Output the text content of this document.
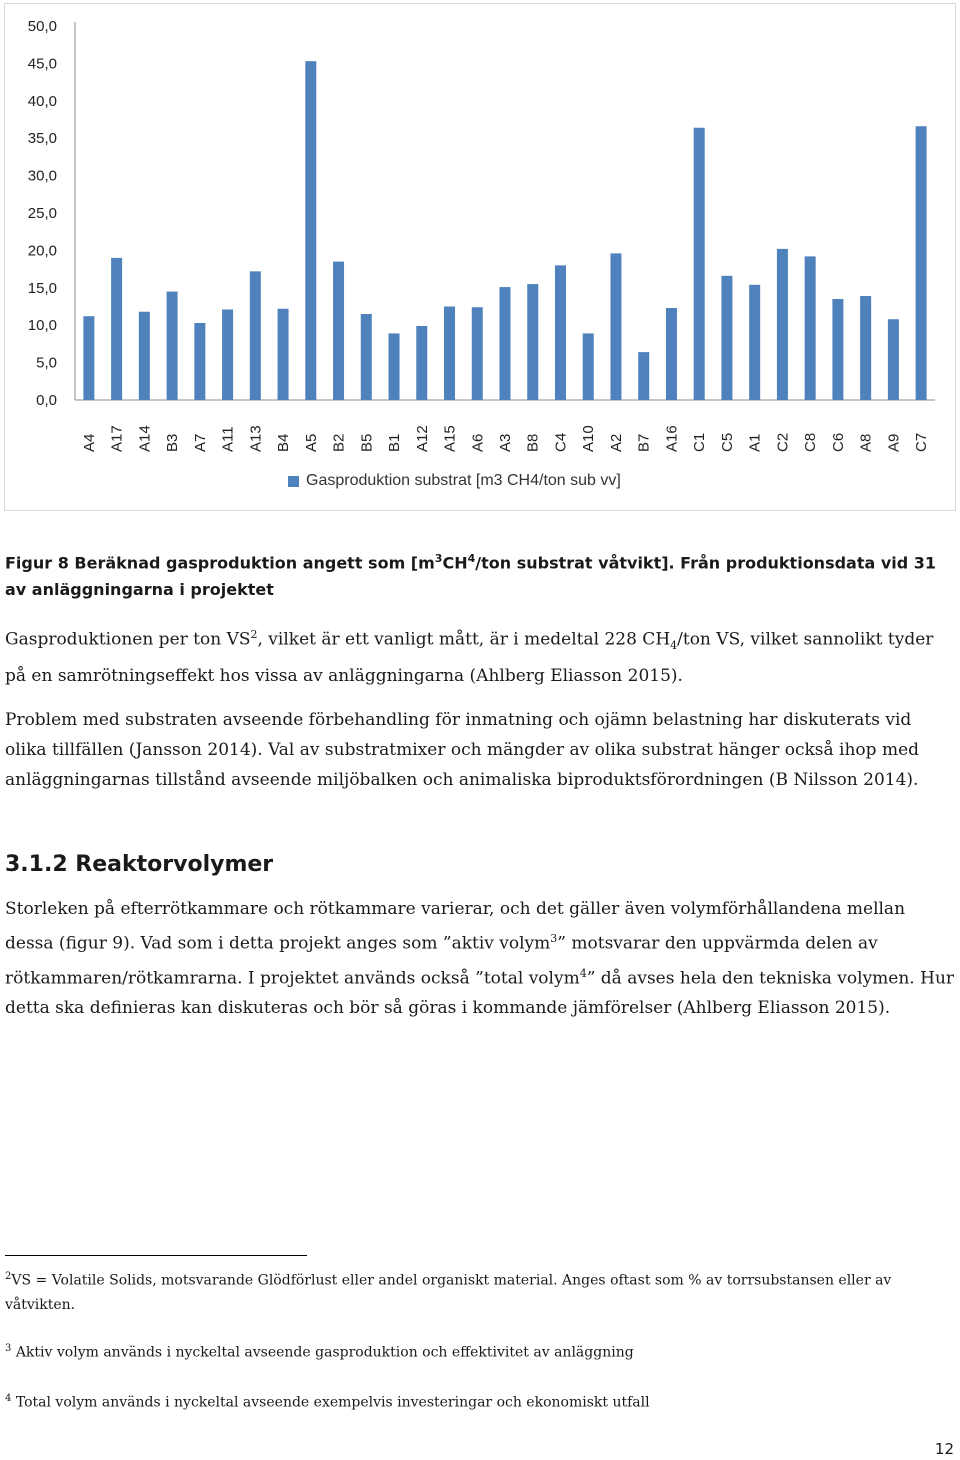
50,0
45,0
40,0
35,0
30,0
25,0
20,0
15,0
10,0
5,0
0,0
A4 A17 A14 B3 A7 A11 A13 B4 A5 B2 B5 B1 A12 A15 A6 A3 B8 C4 A10 A2 B7 A16 C1 C5 A1 C2 C8 C6 A8 A9 C7
Gasproduktion substrat [m3 CH4/ton sub vv]
Figur 8 Beräknad gasproduktion angett som [$m^3CH^4$/ton substrat våtvikt]. Från produktionsdata vid 31 av anläggningarna i projektet
Gasproduktionen per ton $VS^2$, vilket är ett vanligt mått, är i medeltal 228 $CH_4$/ton VS, vilket sannolikt tyder på en samrötningseffekt hos vissa av anläggningarna (Ahlberg Eliasson 2015).
Problem med substraten avseende förbehandling för inmatning och ojämn belastning har diskuterats vid olika tillfällen (Jansson 2014). Val av substratmixer och mängder av olika substrat hänger också ihop med anläggningarnas tillstånd avseende miljöbalken och animaliska biproduktsförordningen (B Nilsson 2014).
3.1.2 Reaktorvolymer
Storleken på efterrötkammare och rötkammare varierar, och det gäller även volymförhållandena mellan dessa (figur 9). Vad som i detta projekt anges som ”aktiv volym$^3$” motsvarar den uppvärmda delen av rötkammaren/rötkamrarna. I projektet används också ”total volym$^4$” då avses hela den tekniska volymen. Hur detta ska definieras kan diskuteras och bör så göras i kommande jämförelser (Ahlberg Eliasson 2015).
$^2$VS = Volatile Solids, motsvarande Glödförlust eller andel organiskt material. Anges oftast som % av torrsubstansen eller av våtvikten.
$^3$ Aktiv volym används i nyckeltal avseende gasproduktion och effektivitet av anläggning
$^4$ Total volym används i nyckeltal avseende exempelvis investeringar och ekonomiskt utfall
12
